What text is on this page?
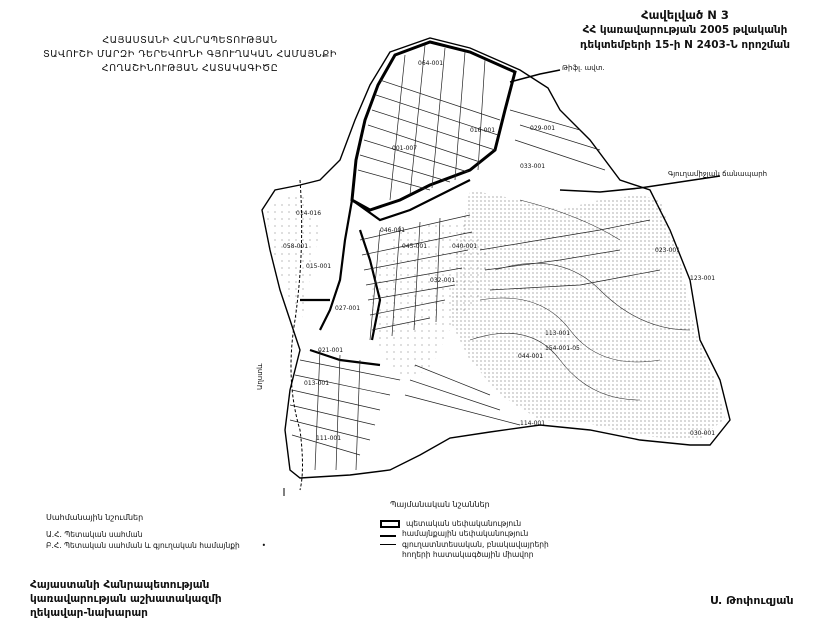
ՀԱՅԱՍՏԱՆԻ ՀԱՆՐԱՊԵՏՈՒԹՅԱՆ
ՏԱՎՈՒՇԻ ՄԱՐԶԻ ԴԵՐԵՎՈՒՆԻ ԳՅՈՒՂԱԿԱՆ ՀԱՄԱՅՆՔԻ
ՀՈՂԱՇԻՆՈՒԹՅԱՆ ՀԱՏԱԿԱԳԻԾԸ
Հավելված N 3
ՀՀ կառավարության 2005 թվականի
դեկտեմբերի 15-ի N 2403-Ն որոշման
Թիֆլ. ավտ.
Գյուղամիջյան ճանապարհ
Աղստև
064-001
001-007
016-001	029-001
014-016
058-001
033-001
046-001
045-001	040-001
027-001
015-001
032-001
021-001
013-001
023-001
113-001
123-001
044-001
154-001-05
111-001
114-001
030-001
Սահմանային նշումներ
Ա.Հ. Պետական սահման
Բ.Հ. Պետական սահման և գյուղական համայնքի	•
Պայմանական նշաններ
պետական սեփականություն
համայնքային սեփականություն
գյուղատնտեսական, բնակավայրերի
հողերի հատակագծային միավոր
Հայաստանի Հանրապետության
կառավարության աշխատակազմի
ղեկավար-նախարար
Ս. Թոփուզյան
